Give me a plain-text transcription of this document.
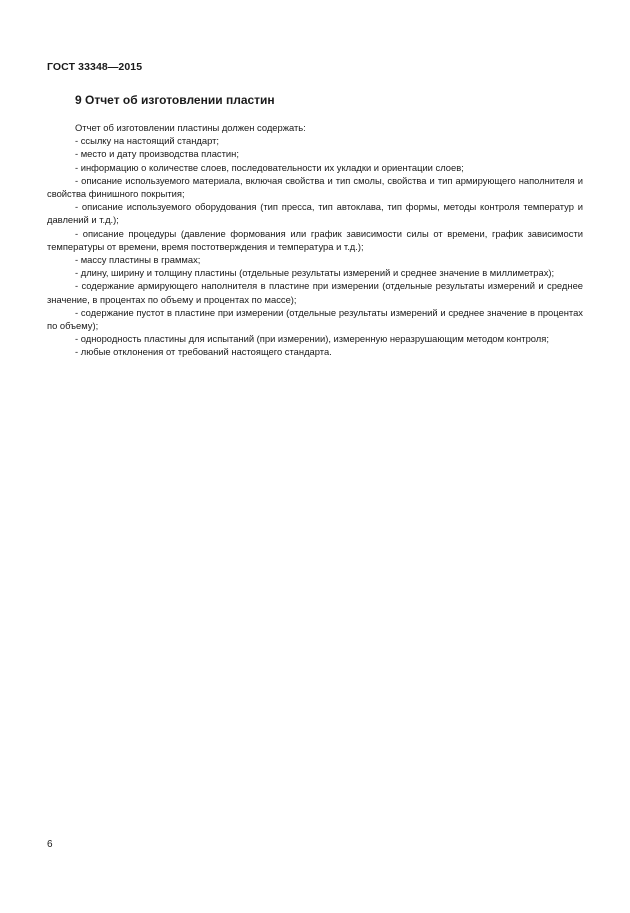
ГОСТ 33348—2015
9 Отчет об изготовлении пластин

Отчет об изготовлении пластины должен содержать:

- ссылку на настоящий стандарт;

- место и дату производства пластин;

- информацию о количестве слоев, последовательности их укладки и ориентации слоев;

- описание используемого материала, включая свойства и тип смолы, свойства и тип армирующего наполнителя и свойства финишного покрытия;

- описание используемого оборудования (тип пресса, тип автоклава, тип формы, методы контроля температур и давлений и т.д.);

- описание процедуры (давление формования или график зависимости силы от времени, график зависимости температуры от времени, время постотверждения и температура и т.д.);

- массу пластины в граммах;

- длину, ширину и толщину пластины (отдельные результаты измерений и среднее значение в миллиметрах);

- содержание армирующего наполнителя в пластине при измерении (отдельные результаты измерений и среднее значение, в процентах по объему и процентах по массе);

- содержание пустот в пластине при измерении (отдельные результаты измерений и среднее значение в процентах по объему);

- однородность пластины для испытаний (при измерении), измеренную неразрушающим методом контроля;

- любые отклонения от требований настоящего стандарта.

6
